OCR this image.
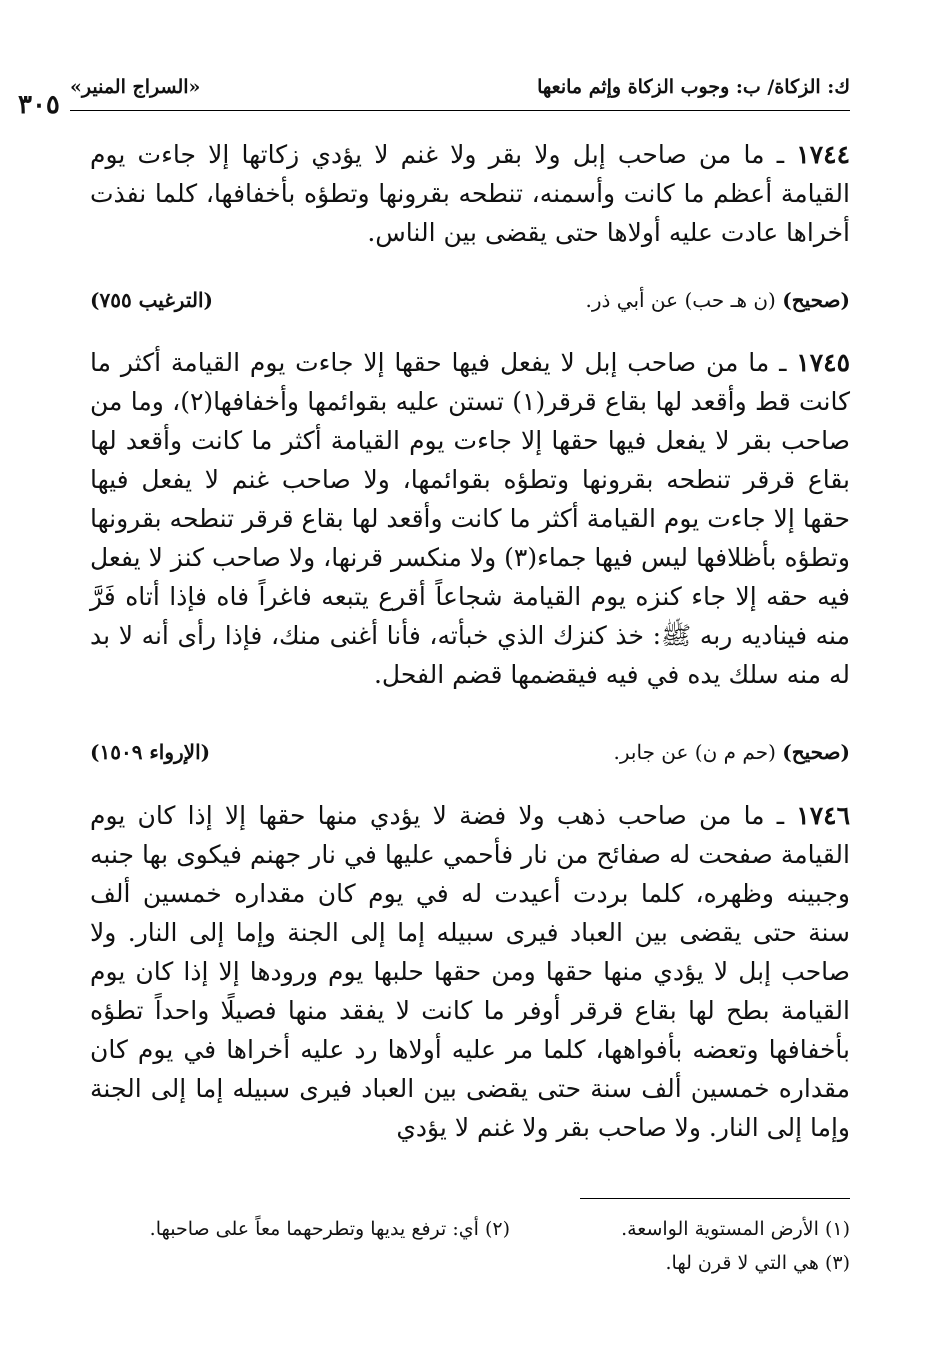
ك: الزكاة/ ب: وجوب الزكاة وإثم مانعها
«السراج المنير»
٣٠٥
١٧٤٤ ـ ما من صاحب إبل ولا بقر ولا غنم لا يؤدي زكاتها إلا جاءت يوم القيامة أعظم ما كانت وأسمنه، تنطحه بقرونها وتطؤه بأخفافها، كلما نفذت أخراها عادت عليه أولاها حتى يقضى بين الناس.
(صحيح) (ن هـ حب) عن أبي ذر.
(الترغيب ٧٥٥)
١٧٤٥ ـ ما من صاحب إبل لا يفعل فيها حقها إلا جاءت يوم القيامة أكثر ما كانت قط وأقعد لها بقاع قرقر(١) تستن عليه بقوائمها وأخفافها(٢)، وما من صاحب بقر لا يفعل فيها حقها إلا جاءت يوم القيامة أكثر ما كانت وأقعد لها بقاع قرقر تنطحه بقرونها وتطؤه بقوائمها، ولا صاحب غنم لا يفعل فيها حقها إلا جاءت يوم القيامة أكثر ما كانت وأقعد لها بقاع قرقر تنطحه بقرونها وتطؤه بأظلافها ليس فيها جماء(٣) ولا منكسر قرنها، ولا صاحب كنز لا يفعل فيه حقه إلا جاء كنزه يوم القيامة شجاعاً أقرع يتبعه فاغراً فاه فإذا أتاه فَرَّ منه فيناديه ربه ﷺ: خذ كنزك الذي خبأته، فأنا أغنى منك، فإذا رأى أنه لا بد له منه سلك يده في فيه فيقضمها قضم الفحل.
(صحيح) (حم م ن) عن جابر.
(الإرواء ١٥٠٩)
١٧٤٦ ـ ما من صاحب ذهب ولا فضة لا يؤدي منها حقها إلا إذا كان يوم القيامة صفحت له صفائح من نار فأحمي عليها في نار جهنم فيكوى بها جنبه وجبينه وظهره، كلما بردت أعيدت له في يوم كان مقداره خمسين ألف سنة حتى يقضى بين العباد فيرى سبيله إما إلى الجنة وإما إلى النار. ولا صاحب إبل لا يؤدي منها حقها ومن حقها حلبها يوم ورودها إلا إذا كان يوم القيامة بطح لها بقاع قرقر أوفر ما كانت لا يفقد منها فصيلًا واحداً تطؤه بأخفافها وتعضه بأفواهها، كلما مر عليه أولاها رد عليه أخراها في يوم كان مقداره خمسين ألف سنة حتى يقضى بين العباد فيرى سبيله إما إلى الجنة وإما إلى النار. ولا صاحب بقر ولا غنم لا يؤدي
(١) الأرض المستوية الواسعة.
(٢) أي: ترفع يديها وتطرحهما معاً على صاحبها.
(٣) هي التي لا قرن لها.
